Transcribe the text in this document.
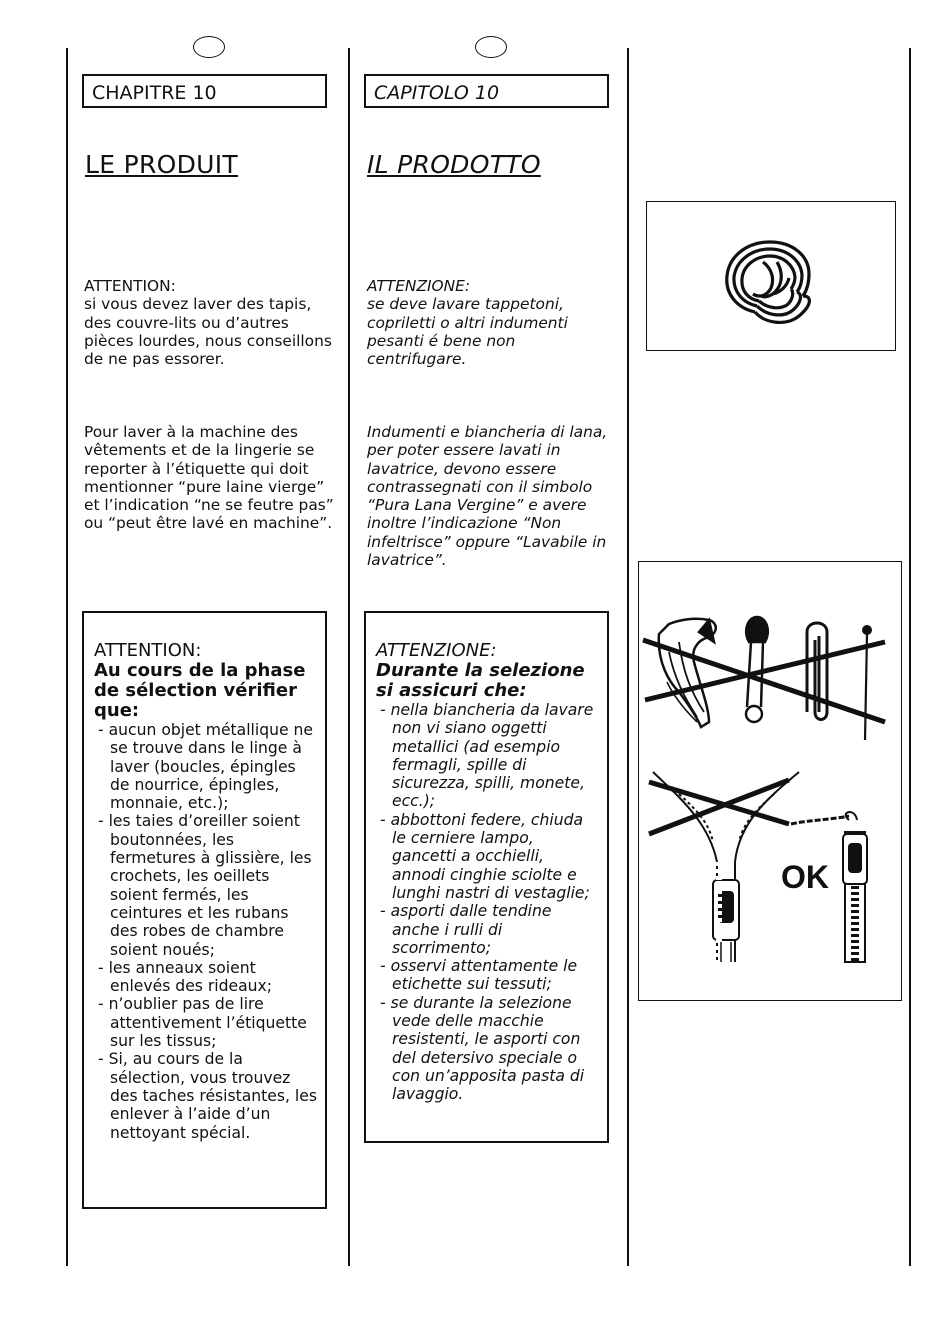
CHAPITRE 10
LE PRODUIT

ATTENTION:

si vous devez laver des tapis, des couvre-lits ou d’autres pièces lourdes, nous conseillons de ne pas essorer.

Pour laver à la machine des vêtements et de la lingerie se reporter à l’étiquette qui doit mentionner “pure laine vierge” et l’indication “ne se feutre pas” ou “peut être lavé en machine”.

ATTENTION:
Au cours de la phase de sélection vérifier que:
- aucun objet métallique ne se trouve dans le linge à laver (boucles, épingles de nourrice, épingles, monnaie, etc.);
- les taies d’oreiller soient boutonnées, les fermetures à glissière, les crochets, les oeillets soient fermés, les ceintures et les rubans des robes de chambre soient noués;
- les anneaux soient enlevés des rideaux;
- n’oublier pas de lire attentivement l’étiquette sur les tissus;
- Si, au cours de la sélection, vous trouvez des taches résistantes, les enlever à l’aide d’un nettoyant spécial.
CAPITOLO 10
IL PRODOTTO

ATTENZIONE:

se deve lavare tappetoni, copriletti o altri indumenti pesanti é bene non centrifugare.

Indumenti e biancheria di lana, per poter essere lavati in lavatrice, devono essere contrassegnati con il simbolo “Pura Lana Vergine” e avere inoltre l’indicazione “Non infeltrisce” oppure “Lavabile in lavatrice”.

ATTENZIONE:
Durante la selezione si assicuri che:
- nella biancheria da lavare non vi siano oggetti metallici (ad esempio fermagli, spille di sicurezza, spilli, monete, ecc.);
- abbottoni federe, chiuda le cerniere lampo, gancetti a occhielli, annodi cinghie sciolte e lunghi nastri di vestaglie;
- asporti dalle tendine anche i rulli di scorrimento;
- osservi attentamente le etichette sui tessuti;
- se durante la selezione vede delle macchie resistenti, le asporti con del detersivo speciale o con un’apposita pasta di lavaggio.
OK
